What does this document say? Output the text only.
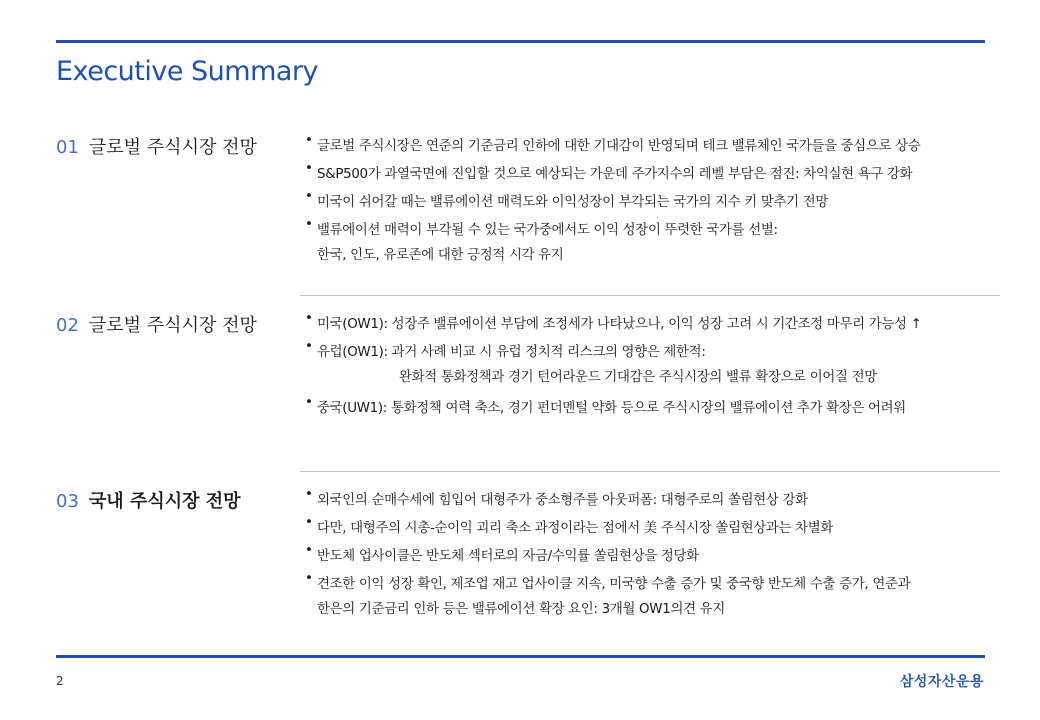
Executive Summary
01 글로벌 주식시장 전망	• 글로벌 주식시장은 연준의 기준금리 인하에 대한 기대감이 반영되며 테크 밸류체인 국가들을 중심으로 상승
• S&P500가 과열국면에 진입할 것으로 예상되는 가운데 주가지수의 레벨 부담은 점진: 차익실현 욕구 강화
• 미국이 쉬어갈 때는 밸류에이션 매력도와 이익성장이 부각되는 국가의 지수 키 맞추기 전망
• 밸류에이션 매력이 부각될 수 있는 국가중에서도 이익 성장이 뚜렷한 국가를 선별:
한국, 인도, 유로존에 대한 긍정적 시각 유지
02 글로벌 주식시장 전망	• 미국(OW1): 성장주 밸류에이션 부담에 조정세가 나타났으나, 이익 성장 고려 시 기간조정 마무리 가능성 ↑
• 유럽(OW1): 과거 사례 비교 시 유럽 정치적 리스크의 영향은 제한적:
완화적 통화정책과 경기 턴어라운드 기대감은 주식시장의 밸류 확장으로 이어질 전망
• 중국(UW1): 통화정책 여력 축소, 경기 펀더멘털 약화 등으로 주식시장의 밸류에이션 추가 확장은 어려워
03 국내 주식시장 전망	• 외국인의 순매수세에 힘입어 대형주가 중소형주를 아웃퍼폼: 대형주로의 쏠림현상 강화
• 다만, 대형주의 시총-순이익 괴리 축소 과정이라는 점에서 美 주식시장 쏠림현상과는 차별화
• 반도체 업사이클은 반도체 섹터로의 자금/수익률 쏠림현상을 정당화
• 견조한 이익 성장 확인, 제조업 재고 업사이클 지속, 미국향 수출 증가 및 중국향 반도체 수출 증가, 연준과
한은의 기준금리 인하 등은 밸류에이션 확장 요인: 3개월 OW1의견 유지
2	삼성자산운용
